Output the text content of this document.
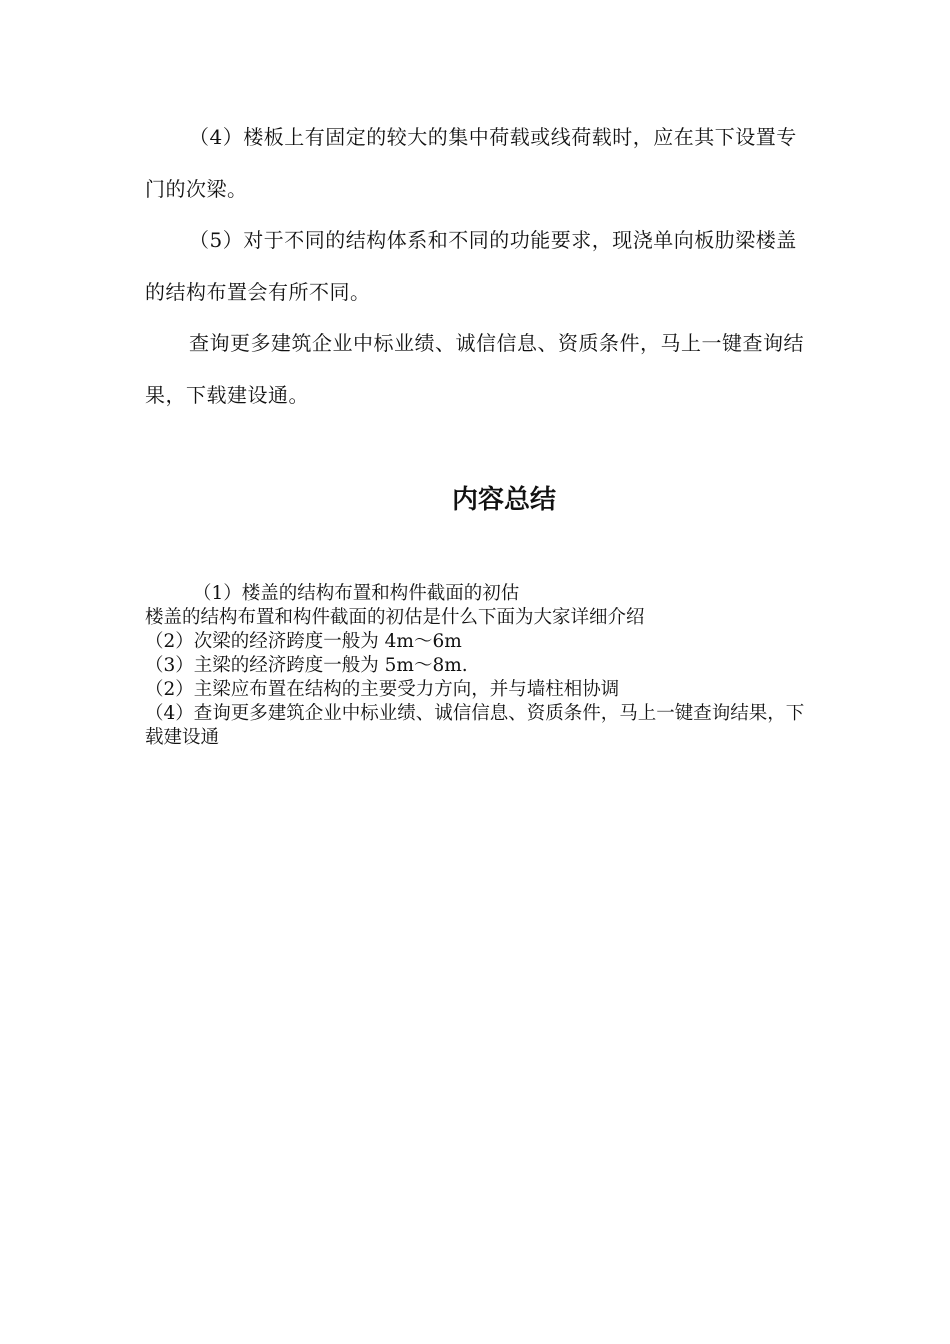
（4）楼板上有固定的较大的集中荷载或线荷载时，应在其下设置专门的次梁。

（5）对于不同的结构体系和不同的功能要求，现浇单向板肋梁楼盖的结构布置会有所不同。

查询更多建筑企业中标业绩、诚信信息、资质条件，马上一键查询结果，下载建设通。

内容总结
（1）楼盖的结构布置和构件截面的初估
楼盖的结构布置和构件截面的初估是什么下面为大家详细介绍
（2）次梁的经济跨度一般为 4m～6m
（3）主梁的经济跨度一般为 5m～8m.
（2）主梁应布置在结构的主要受力方向，并与墙柱相协调
（4）查询更多建筑企业中标业绩、诚信信息、资质条件，马上一键查询结果，下载建设通
